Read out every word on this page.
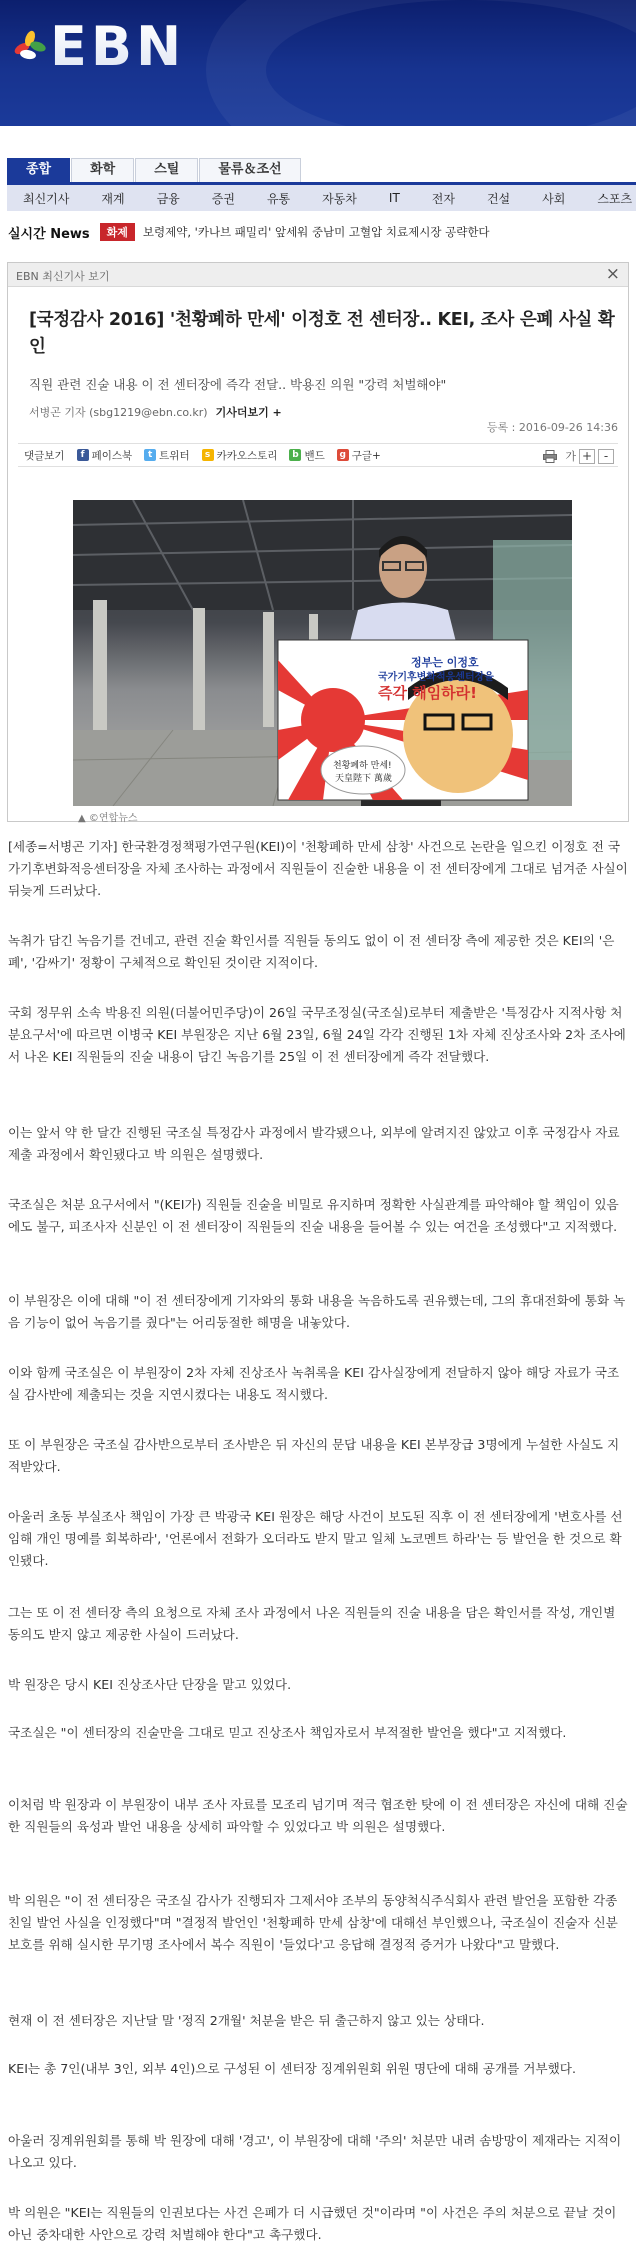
EBN
종합	화학	스틸	물류＆조선
최신기사	재계	금융	증권	유통	자동차	IT	전자	건설	사회	스포츠
실시간 News	화제	보령제약, '카나브 패밀리' 앞세워 중남미 고혈압 치료제시장 공략한다
EBN 최신기사 보기	×
[국정감사 2016] '천황폐하 만세' 이정호 전 센터장.. KEI, 조사 은폐 사실 확인
직원 관련 진술 내용 이 전 센터장에 즉각 전달.. 박용진 의원 "강력 처벌해야"
서병곤 기자 (sbg1219@ebn.co.kr) 기사더보기 +
등록 : 2016-09-26 14:36
댓글보기	f 페이스북	t 트위터	s 카카오스토리	b 밴드	g 구글+	가 + -
정부는 이정호
국가기후변화적응센터장을
즉각 해임하라!
천황폐하 만세!
天皇陛下 萬歲
▲ ©연합뉴스
[세종=서병곤 기자] 한국환경정책평가연구원(KEI)이 '천황폐하 만세 삼창' 사건으로 논란을 일으킨 이정호 전 국가기후변화적응센터장을 자체 조사하는 과정에서 직원들이 진술한 내용을 이 전 센터장에게 그대로 넘겨준 사실이 뒤늦게 드러났다.
녹취가 담긴 녹음기를 건네고, 관련 진술 확인서를 직원들 동의도 없이 이 전 센터장 측에 제공한 것은 KEI의 '은폐', '감싸기' 정황이 구체적으로 확인된 것이란 지적이다.
국회 정무위 소속 박용진 의원(더불어민주당)이 26일 국무조정실(국조실)로부터 제출받은 '특정감사 지적사항 처분요구서'에 따르면 이병국 KEI 부원장은 지난 6월 23일, 6월 24일 각각 진행된 1차 자체 진상조사와 2차 조사에서 나온 KEI 직원들의 진술 내용이 담긴 녹음기를 25일 이 전 센터장에게 즉각 전달했다.
이는 앞서 약 한 달간 진행된 국조실 특정감사 과정에서 발각됐으나, 외부에 알려지진 않았고 이후 국정감사 자료 제출 과정에서 확인됐다고 박 의원은 설명했다.
국조실은 처분 요구서에서 "(KEI가) 직원들 진술을 비밀로 유지하며 정확한 사실관계를 파악해야 할 책임이 있음에도 불구, 피조사자 신분인 이 전 센터장이 직원들의 진술 내용을 들어볼 수 있는 여건을 조성했다"고 지적했다.
이 부원장은 이에 대해 "이 전 센터장에게 기자와의 통화 내용을 녹음하도록 권유했는데, 그의 휴대전화에 통화 녹음 기능이 없어 녹음기를 줬다"는 어리둥절한 해명을 내놓았다.
이와 함께 국조실은 이 부원장이 2차 자체 진상조사 녹취록을 KEI 감사실장에게 전달하지 않아 해당 자료가 국조실 감사반에 제출되는 것을 지연시켰다는 내용도 적시했다.
또 이 부원장은 국조실 감사반으로부터 조사받은 뒤 자신의 문답 내용을 KEI 본부장급 3명에게 누설한 사실도 지적받았다.
아울러 초동 부실조사 책임이 가장 큰 박광국 KEI 원장은 해당 사건이 보도된 직후 이 전 센터장에게 '변호사를 선임해 개인 명예를 회복하라', '언론에서 전화가 오더라도 받지 말고 일체 노코멘트 하라'는 등 발언을 한 것으로 확인됐다.
그는 또 이 전 센터장 측의 요청으로 자체 조사 과정에서 나온 직원들의 진술 내용을 담은 확인서를 작성, 개인별 동의도 받지 않고 제공한 사실이 드러났다.
박 원장은 당시 KEI 진상조사단 단장을 맡고 있었다.
국조실은 "이 센터장의 진술만을 그대로 믿고 진상조사 책임자로서 부적절한 발언을 했다"고 지적했다.
이처럼 박 원장과 이 부원장이 내부 조사 자료를 모조리 넘기며 적극 협조한 탓에 이 전 센터장은 자신에 대해 진술한 직원들의 육성과 발언 내용을 상세히 파악할 수 있었다고 박 의원은 설명했다.
박 의원은 "이 전 센터장은 국조실 감사가 진행되자 그제서야 조부의 동양척식주식회사 관련 발언을 포함한 각종 친일 발언 사실을 인정했다"며 "결정적 발언인 '천황폐하 만세 삼창'에 대해선 부인했으나, 국조실이 진술자 신분 보호를 위해 실시한 무기명 조사에서 복수 직원이 '들었다'고 응답해 결정적 증거가 나왔다"고 말했다.
현재 이 전 센터장은 지난달 말 '정직 2개월' 처분을 받은 뒤 출근하지 않고 있는 상태다.
KEI는 총 7인(내부 3인, 외부 4인)으로 구성된 이 센터장 징계위원회 위원 명단에 대해 공개를 거부했다.
아울러 징계위원회를 통해 박 원장에 대해 '경고', 이 부원장에 대해 '주의' 처분만 내려 솜방망이 제재라는 지적이 나오고 있다.
박 의원은 "KEI는 직원들의 인권보다는 사건 은폐가 더 시급했던 것"이라며 "이 사건은 주의 처분으로 끝날 것이 아닌 중차대한 사안으로 강력 처벌해야 한다"고 촉구했다.
